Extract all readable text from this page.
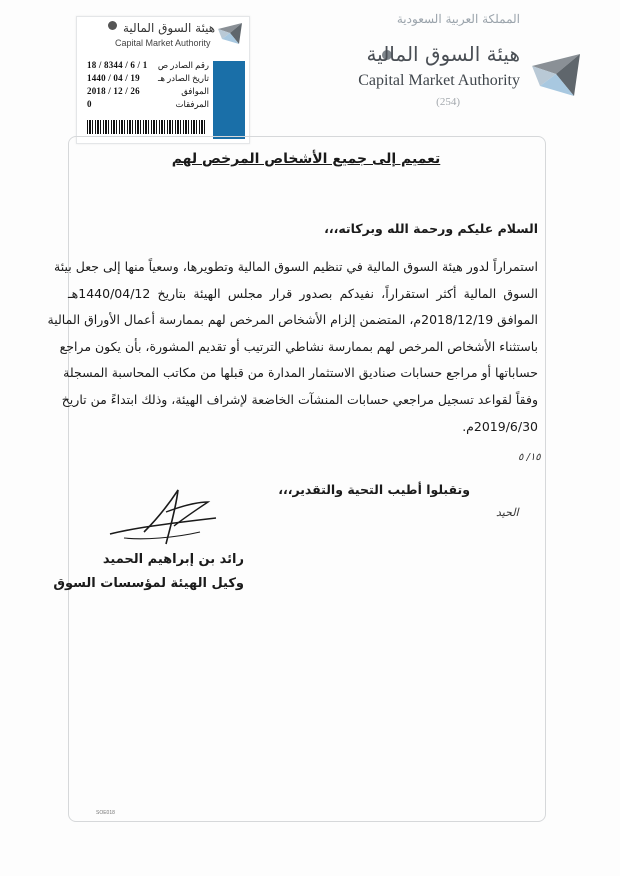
المملكة العربية السعودية
هيئة السوق المالية
Capital Market Authority
(254)
هيئة السوق المالية
Capital Market Authority
18 / 8344 / 6 / 1 رقم الصادر ص
1440 / 04 / 19 تاريخ الصادر هـ
2018 / 12 / 26	الموافق
0	المرفقات
تعميم إلى جميع الأشخاص المرخص لهم
السلام عليكم ورحمة الله وبركاته،،،
استمراراً لدور هيئة السوق المالية في تنظيم السوق المالية وتطويرها، وسعياً منها إلى جعل بيئة
السوق المالية أكثر استقراراً، نفيدكم بصدور قرار مجلس الهيئة بتاريخ 1440/04/12هـ
الموافق 2018/12/19م، المتضمن إلزام الأشخاص المرخص لهم بممارسة أعمال الأوراق المالية
باستثناء الأشخاص المرخص لهم بممارسة نشاطي الترتيب أو تقديم المشورة، بأن يكون مراجع
حساباتها أو مراجع حسابات صناديق الاستثمار المدارة من قبلها من مكاتب المحاسبة المسجلة
وفقاً لقواعد تسجيل مراجعي حسابات المنشآت الخاضعة لإشراف الهيئة، وذلك ابتداءً من تاريخ
2019/6/30م.
١٥/ ٥
وتقبلوا أطيب التحية والتقدير،،،
الحيد
رائد بن إبراهيم الحميد
وكيل الهيئة لمؤسسات السوق
SOE018
